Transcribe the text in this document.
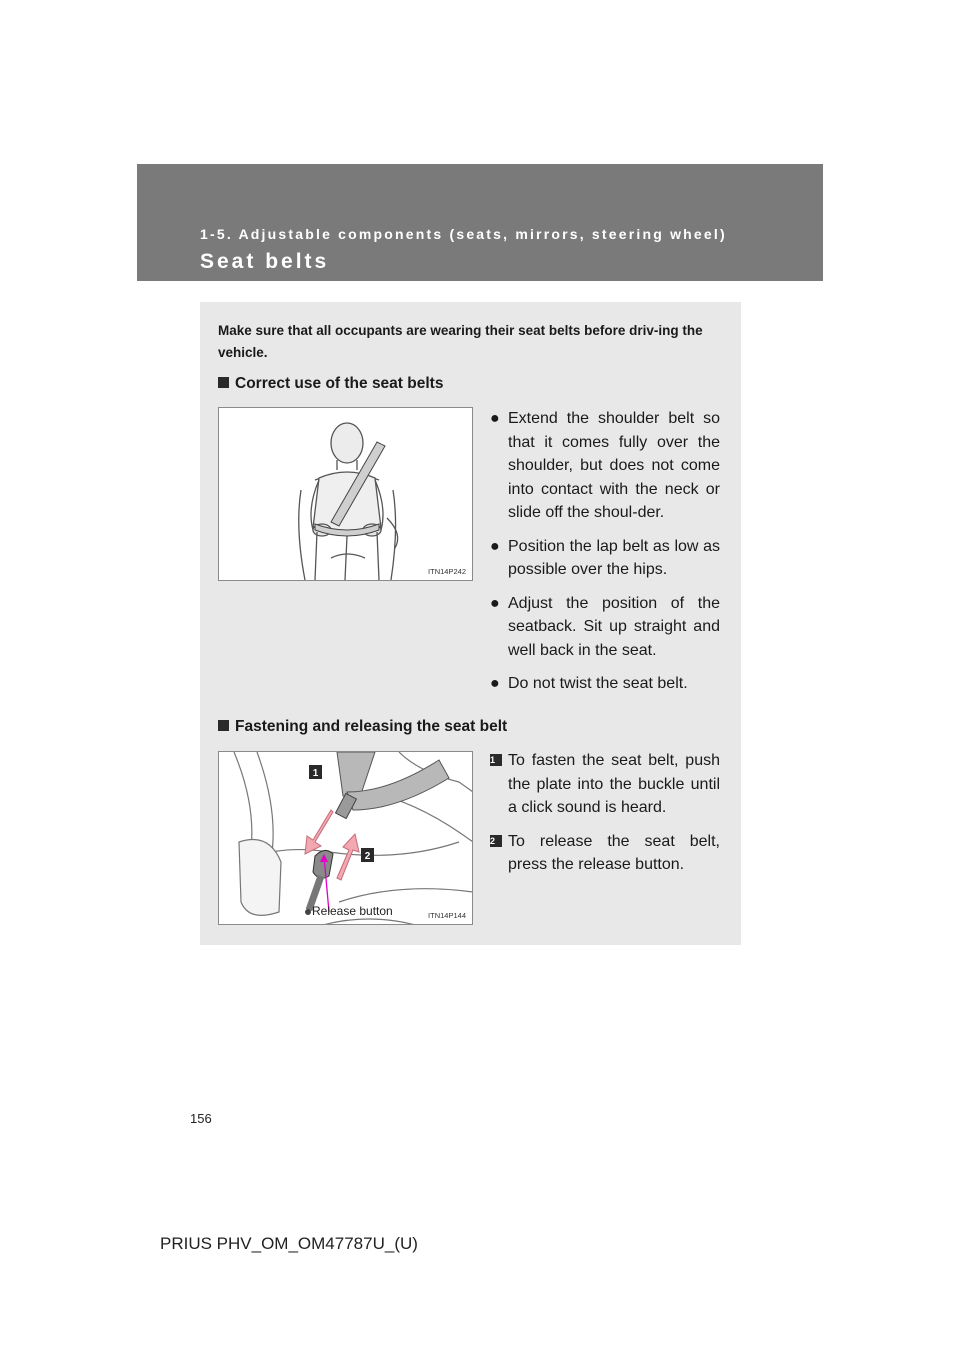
1-5. Adjustable components (seats, mirrors, steering wheel)
Seat belts
Make sure that all occupants are wearing their seat belts before driv-ing the vehicle.
Correct use of the seat belts
ITN14P242
● Extend the shoulder belt so that it comes fully over the shoulder, but does not come into contact with the neck or slide off the shoul-der.
● Position the lap belt as low as possible over the hips.
● Adjust the position of the seatback. Sit up straight and well back in the seat.
● Do not twist the seat belt.
Fastening and releasing the seat belt
1
2
ITN14P144
Release button
1 To fasten the seat belt, push the plate into the buckle until a click sound is heard.
2 To release the seat belt, press the release button.
156
PRIUS PHV_OM_OM47787U_(U)
